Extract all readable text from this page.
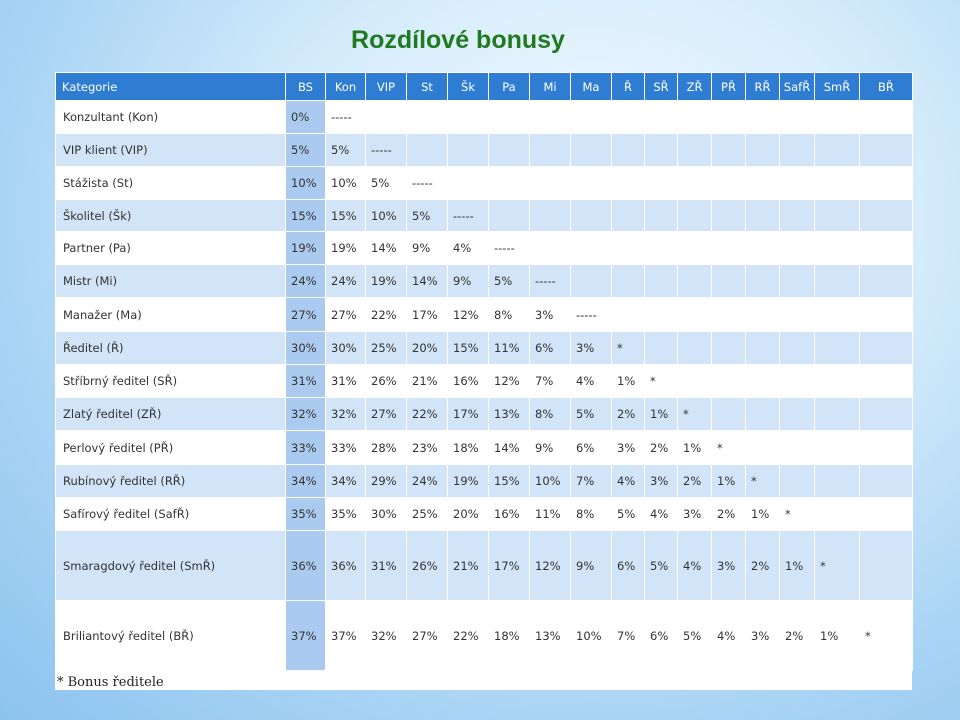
Rozdílové bonusy
Kategorie	BS	Kon	VIP	St	Šk	Pa	Mi	Ma	Ř	SŘ	ZŘ	PŘ	RŘ	SafŘ	SmŘ	BŘ
Konzultant (Kon)	0%	-----														
VIP klient (VIP)	5%	5%	-----													
Stážista (St)	10%	10%	5%	-----												
Školitel (Šk)	15%	15%	10%	5%	-----											
Partner (Pa)	19%	19%	14%	9%	4%	-----										
Mistr (Mi)	24%	24%	19%	14%	9%	5%	-----									
Manažer (Ma)	27%	27%	22%	17%	12%	8%	3%	-----								
Ředitel (Ř)	30%	30%	25%	20%	15%	11%	6%	3%	*							
Stříbrný ředitel (SŘ)	31%	31%	26%	21%	16%	12%	7%	4%	1%	*						
Zlatý ředitel (ZŘ)	32%	32%	27%	22%	17%	13%	8%	5%	2%	1%	*					
Perlový ředitel (PŘ)	33%	33%	28%	23%	18%	14%	9%	6%	3%	2%	1%	*				
Rubínový ředitel (RŘ)	34%	34%	29%	24%	19%	15%	10%	7%	4%	3%	2%	1%	*			
Safírový ředitel (SafŘ)	35%	35%	30%	25%	20%	16%	11%	8%	5%	4%	3%	2%	1%	*		
Smaragdový ředitel (SmŘ)	36%	36%	31%	26%	21%	17%	12%	9%	6%	5%	4%	3%	2%	1%	*	
Briliantový ředitel (BŘ)	37%	37%	32%	27%	22%	18%	13%	10%	7%	6%	5%	4%	3%	2%	1%	*
* Bonus ředitele
